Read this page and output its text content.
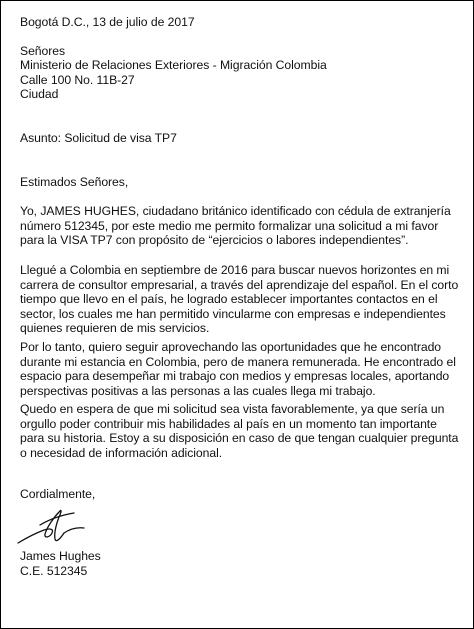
Bogotá D.C., 13 de julio de 2017
Señores
Ministerio de Relaciones Exteriores - Migración Colombia
Calle 100 No. 11B-27
Ciudad
Asunto: Solicitud de visa TP7
Estimados Señores,

Yo, JAMES HUGHES, ciudadano británico identificado con cédula de extranjería
número 512345, por este medio me permito formalizar una solicitud a mi favor
para la VISA TP7 con propósito de “ejercicios o labores independientes”.

Llegué a Colombia en septiembre de 2016 para buscar nuevos horizontes en mi
carrera de consultor empresarial, a través del aprendizaje del español. En el corto
tiempo que llevo en el país, he logrado establecer importantes contactos en el
sector, los cuales me han permitido vincularme con empresas e independientes
quienes requieren de mis servicios.

Por lo tanto, quiero seguir aprovechando las oportunidades que he encontrado
durante mi estancia en Colombia, pero de manera remunerada. He encontrado el
espacio para desempeñar mi trabajo con medios y empresas locales, aportando
perspectivas positivas a las personas a las cuales llega mi trabajo.

Quedo en espera de que mi solicitud sea vista favorablemente, ya que sería un
orgullo poder contribuir mis habilidades al país en un momento tan importante
para su historia. Estoy a su disposición en caso de que tengan cualquier pregunta
o necesidad de información adicional.

Cordialmente,
James Hughes
C.E. 512345
